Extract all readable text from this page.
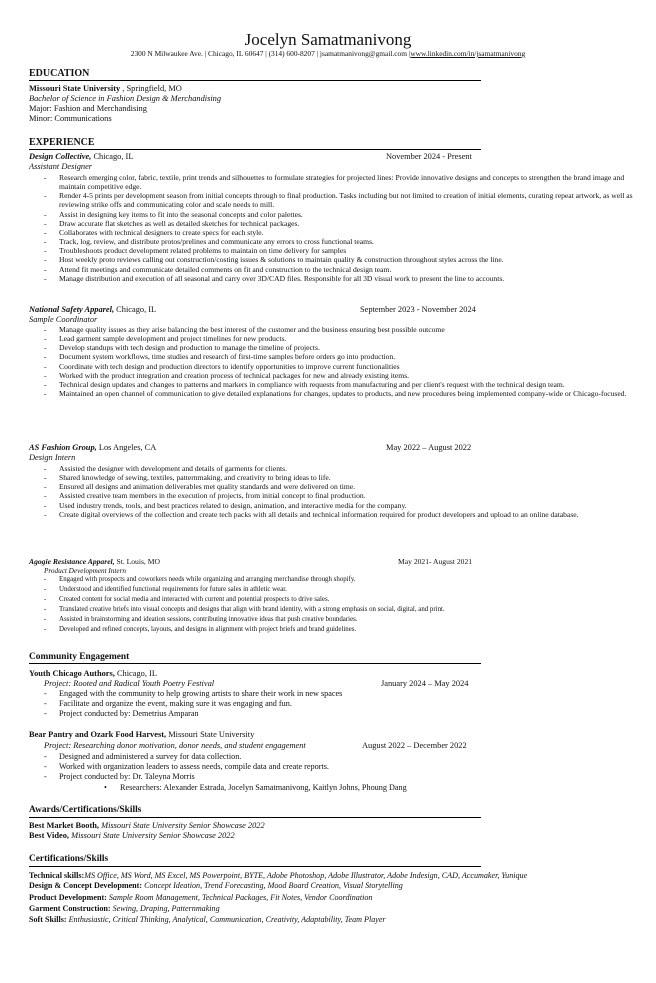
Jocelyn Samatmanivong
2300 N Milwaukee Ave. | Chicago, IL 60647 | (314) 600-8207 | jsamatmanivong@gmail.com |www.linkedin.com/in/jsamatmanivong
EDUCATION
Missouri State University , Springfield, MO
Bachelor of Science in Fashion Design & Merchandising
Major: Fashion and Merchandising
Minor: Communications
EXPERIENCE
Design Collective, Chicago, IL	November 2024 - Present
Assistant Designer
- Research emerging color, fabric, textile, print trends and silhouettes to formulate strategies for projected lines: Provide innovative designs and concepts to strengthen the brand image and maintain competitive edge.
- Render 4-5 prints per development season from initial concepts through to final production. Tasks including but not limited to creation of initial elements, curating repeat artwork, as well as reviewing strike offs and communicating color and scale needs to mill.
- Assist in designing key items to fit into the seasonal concepts and color palettes.
- Draw accurate flat sketches as well as detailed sketches for technical packages.
- Collaborates with technical designers to create specs for each style.
- Track, log, review, and distribute protos/prelines and communicate any errors to cross functional teams.
- Troubleshoots product development related problems to maintain on time delivery for samples
- Host weekly proto reviews calling out construction/costing issues & solutions to maintain quality & construction throughout styles across the line.
- Attend fit meetings and communicate detailed comments on fit and construction to the technical design team.
- Manage distribution and execution of all seasonal and carry over 3D/CAD files. Responsible for all 3D visual work to present the line to accounts.
National Safety Apparel, Chicago, IL	September 2023 - November 2024
Sample Coordinator
- Manage quality issues as they arise balancing the best interest of the customer and the business ensuring best possible outcome
- Lead garment sample development and project timelines for new products.
- Develop standups with tech design and production to manage the timeline of projects.
- Document system workflows, time studies and research of first-time samples before orders go into production.
- Coordinate with tech design and production directors to identify opportunities to improve current functionalities
- Worked with the product integration and creation process of technical packages for new and already existing items.
- Technical design updates and changes to patterns and markers in compliance with requests from manufacturing and per client's request with the technical design team.
- Maintained an open channel of communication to give detailed explanations for changes, updates to products, and new procedures being implemented company-wide or Chicago-focused.
AS Fashion Group, Los Angeles, CA	May 2022 – August 2022
Design Intern
- Assisted the designer with development and details of garments for clients.
- Shared knowledge of sewing, textiles, patternmaking, and creativity to bring ideas to life.
- Ensured all designs and animation deliverables met quality standards and were delivered on time.
- Assisted creative team members in the execution of projects, from initial concept to final production.
- Used industry trends, tools, and best practices related to design, animation, and interactive media for the company.
- Create digital overviews of the collection and create tech packs with all details and technical information required for product developers and upload to an online database.
Agogie Resistance Apparel, St. Louis, MO	May 2021- August 2021
Product Development Intern
- Engaged with prospects and coworkers needs while organizing and arranging merchandise through shopify.
- Understood and identified functional requirements for future sales in athletic wear.
- Created content for social media and interacted with current and potential prospects to drive sales.
- Translated creative briefs into visual concepts and designs that align with brand identity, with a strong emphasis on social, digital, and print.
- Assisted in brainstorming and ideation sessions, contributing innovative ideas that push creative boundaries.
- Developed and refined concepts, layouts, and designs in alignment with project briefs and brand guidelines.
Community Engagement
Youth Chicago Authors, Chicago, IL
Project: Rooted and Radical Youth Poetry Festival	January 2024 – May 2024
- Engaged with the community to help growing artists to share their work in new spaces
- Facilitate and organize the event, making sure it was engaging and fun.
- Project conducted by: Demetrius Amparan
Bear Pantry and Ozark Food Harvest, Missouri State University
Project: Researching donor motivation, donor needs, and student engagement	August 2022 – December 2022
- Designed and administered a survey for data collection.
- Worked with organization leaders to assess needs, compile data and create reports.
- Project conducted by: Dr. Taleyna Morris
• Researchers: Alexander Estrada, Jocelyn Samatmanivong, Kaitlyn Johns, Phoung Dang
Awards/Certifications/Skills
Best Market Booth, Missouri State University Senior Showcase 2022
Best Video, Missouri State University Senior Showcase 2022
Certifications/Skills
Technical skills:MS Office, MS Word, MS Excel, MS Powerpoint, BYTE, Adobe Photoshop, Adobe Illustrator, Adobe Indesign, CAD, Accumaker, Yunique
Design & Concept Development: Concept Ideation, Trend Forecasting, Mood Board Creation, Visual Storytelling
Product Development: Sample Room Management, Technical Packages, Fit Notes, Vendor Coordination
Garment Construction: Sewing, Draping, Patternmaking
Soft Skills: Enthusiastic, Critical Thinking, Analytical, Communication, Creativity, Adaptability, Team Player
